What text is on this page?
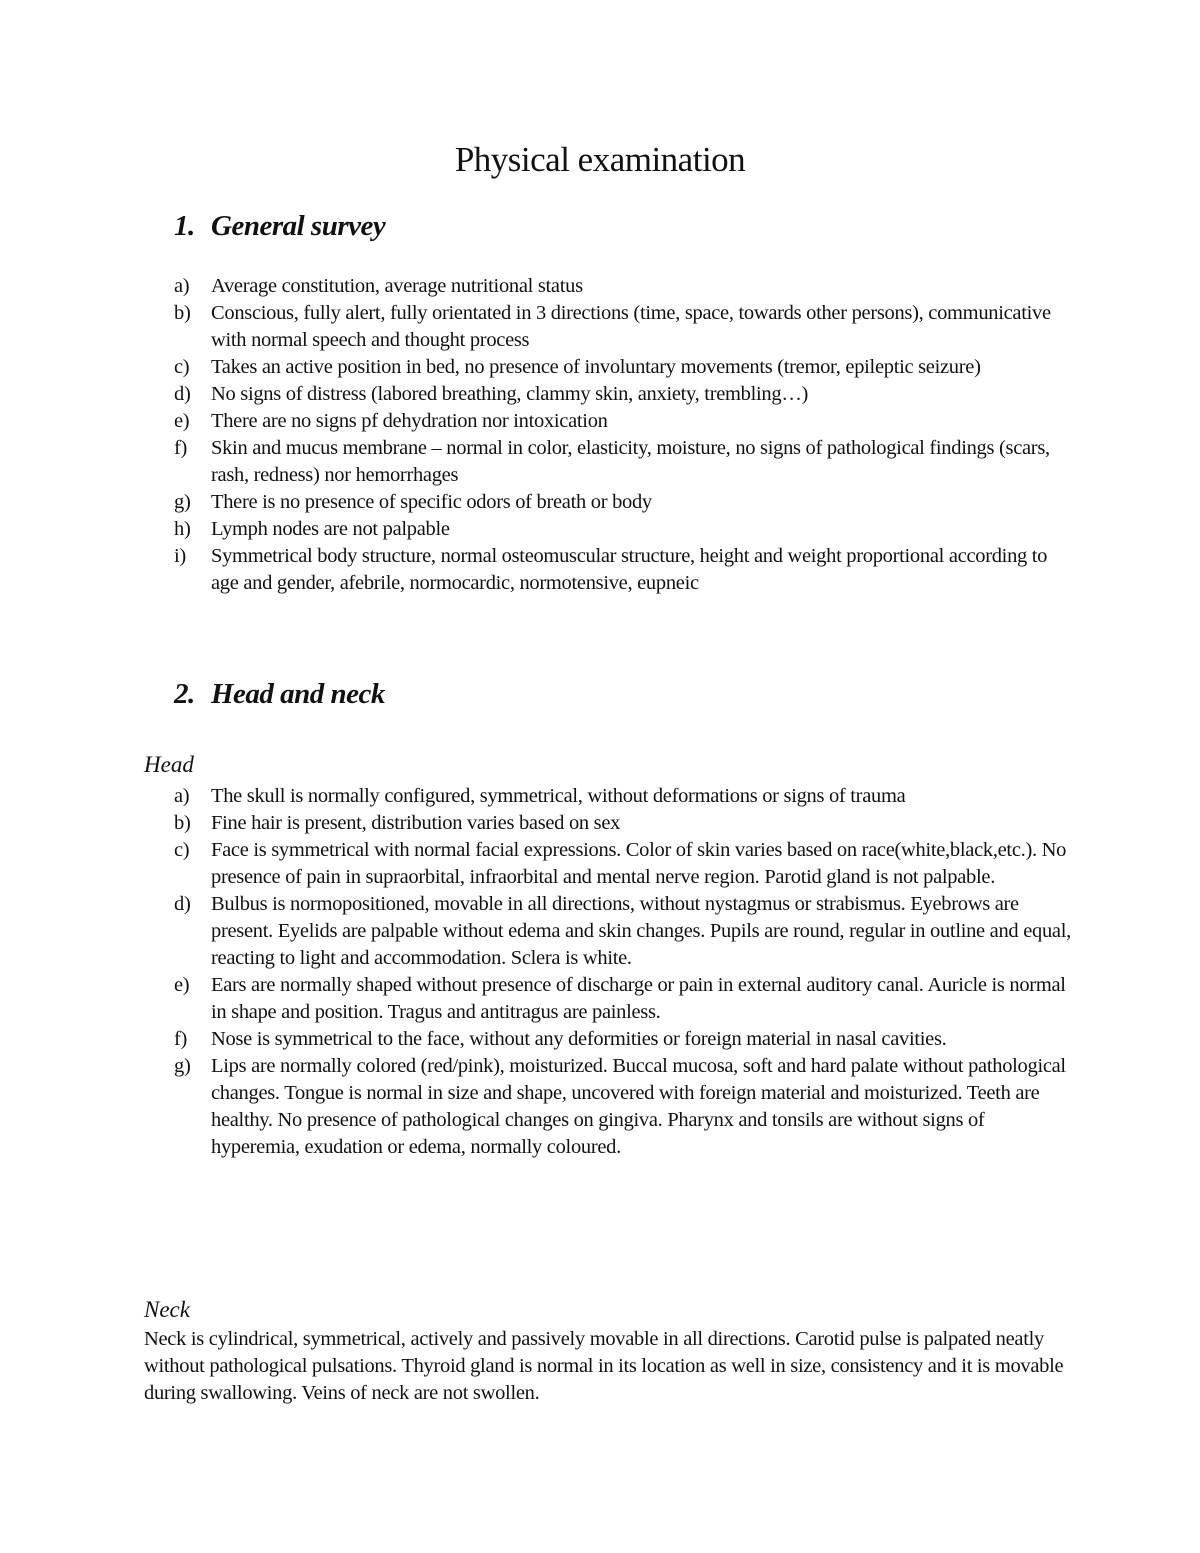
Physical examination
1. General survey
a)	Average constitution, average nutritional status
b)	Conscious, fully alert, fully orientated in 3 directions (time, space, towards other persons), communicative with normal speech and thought process
c)	Takes an active position in bed, no presence of involuntary movements (tremor, epileptic seizure)
d)	No signs of distress (labored breathing, clammy skin, anxiety, trembling…)
e)	There are no signs pf dehydration nor intoxication
f)	Skin and mucus membrane – normal in color, elasticity, moisture, no signs of pathological findings (scars, rash, redness) nor hemorrhages
g)	There is no presence of specific odors of breath or body
h)	Lymph nodes are not palpable
i)	Symmetrical body structure, normal osteomuscular structure, height and weight proportional according to age and gender, afebrile, normocardic, normotensive, eupneic
2. Head and neck
Head
a)	The skull is normally configured, symmetrical, without deformations or signs of trauma
b)	Fine hair is present, distribution varies based on sex
c)	Face is symmetrical with normal facial expressions. Color of skin varies based on race(white,black,etc.). No presence of pain in supraorbital, infraorbital and mental nerve region. Parotid gland is not palpable.
d)	Bulbus is normopositioned, movable in all directions, without nystagmus or strabismus. Eyebrows are present. Eyelids are palpable without edema and skin changes. Pupils are round, regular in outline and equal, reacting to light and accommodation. Sclera is white.
e)	Ears are normally shaped without presence of discharge or pain in external auditory canal. Auricle is normal in shape and position. Tragus and antitragus are painless.
f)	Nose is symmetrical to the face, without any deformities or foreign material in nasal cavities.
g)	Lips are normally colored (red/pink), moisturized. Buccal mucosa, soft and hard palate without pathological changes. Tongue is normal in size and shape, uncovered with foreign material and moisturized. Teeth are healthy. No presence of pathological changes on gingiva. Pharynx and tonsils are without signs of hyperemia, exudation or edema, normally coloured.
Neck

Neck is cylindrical, symmetrical, actively and passively movable in all directions. Carotid pulse is palpated neatly without pathological pulsations. Thyroid gland is normal in its location as well in size, consistency and it is movable during swallowing. Veins of neck are not swollen.
